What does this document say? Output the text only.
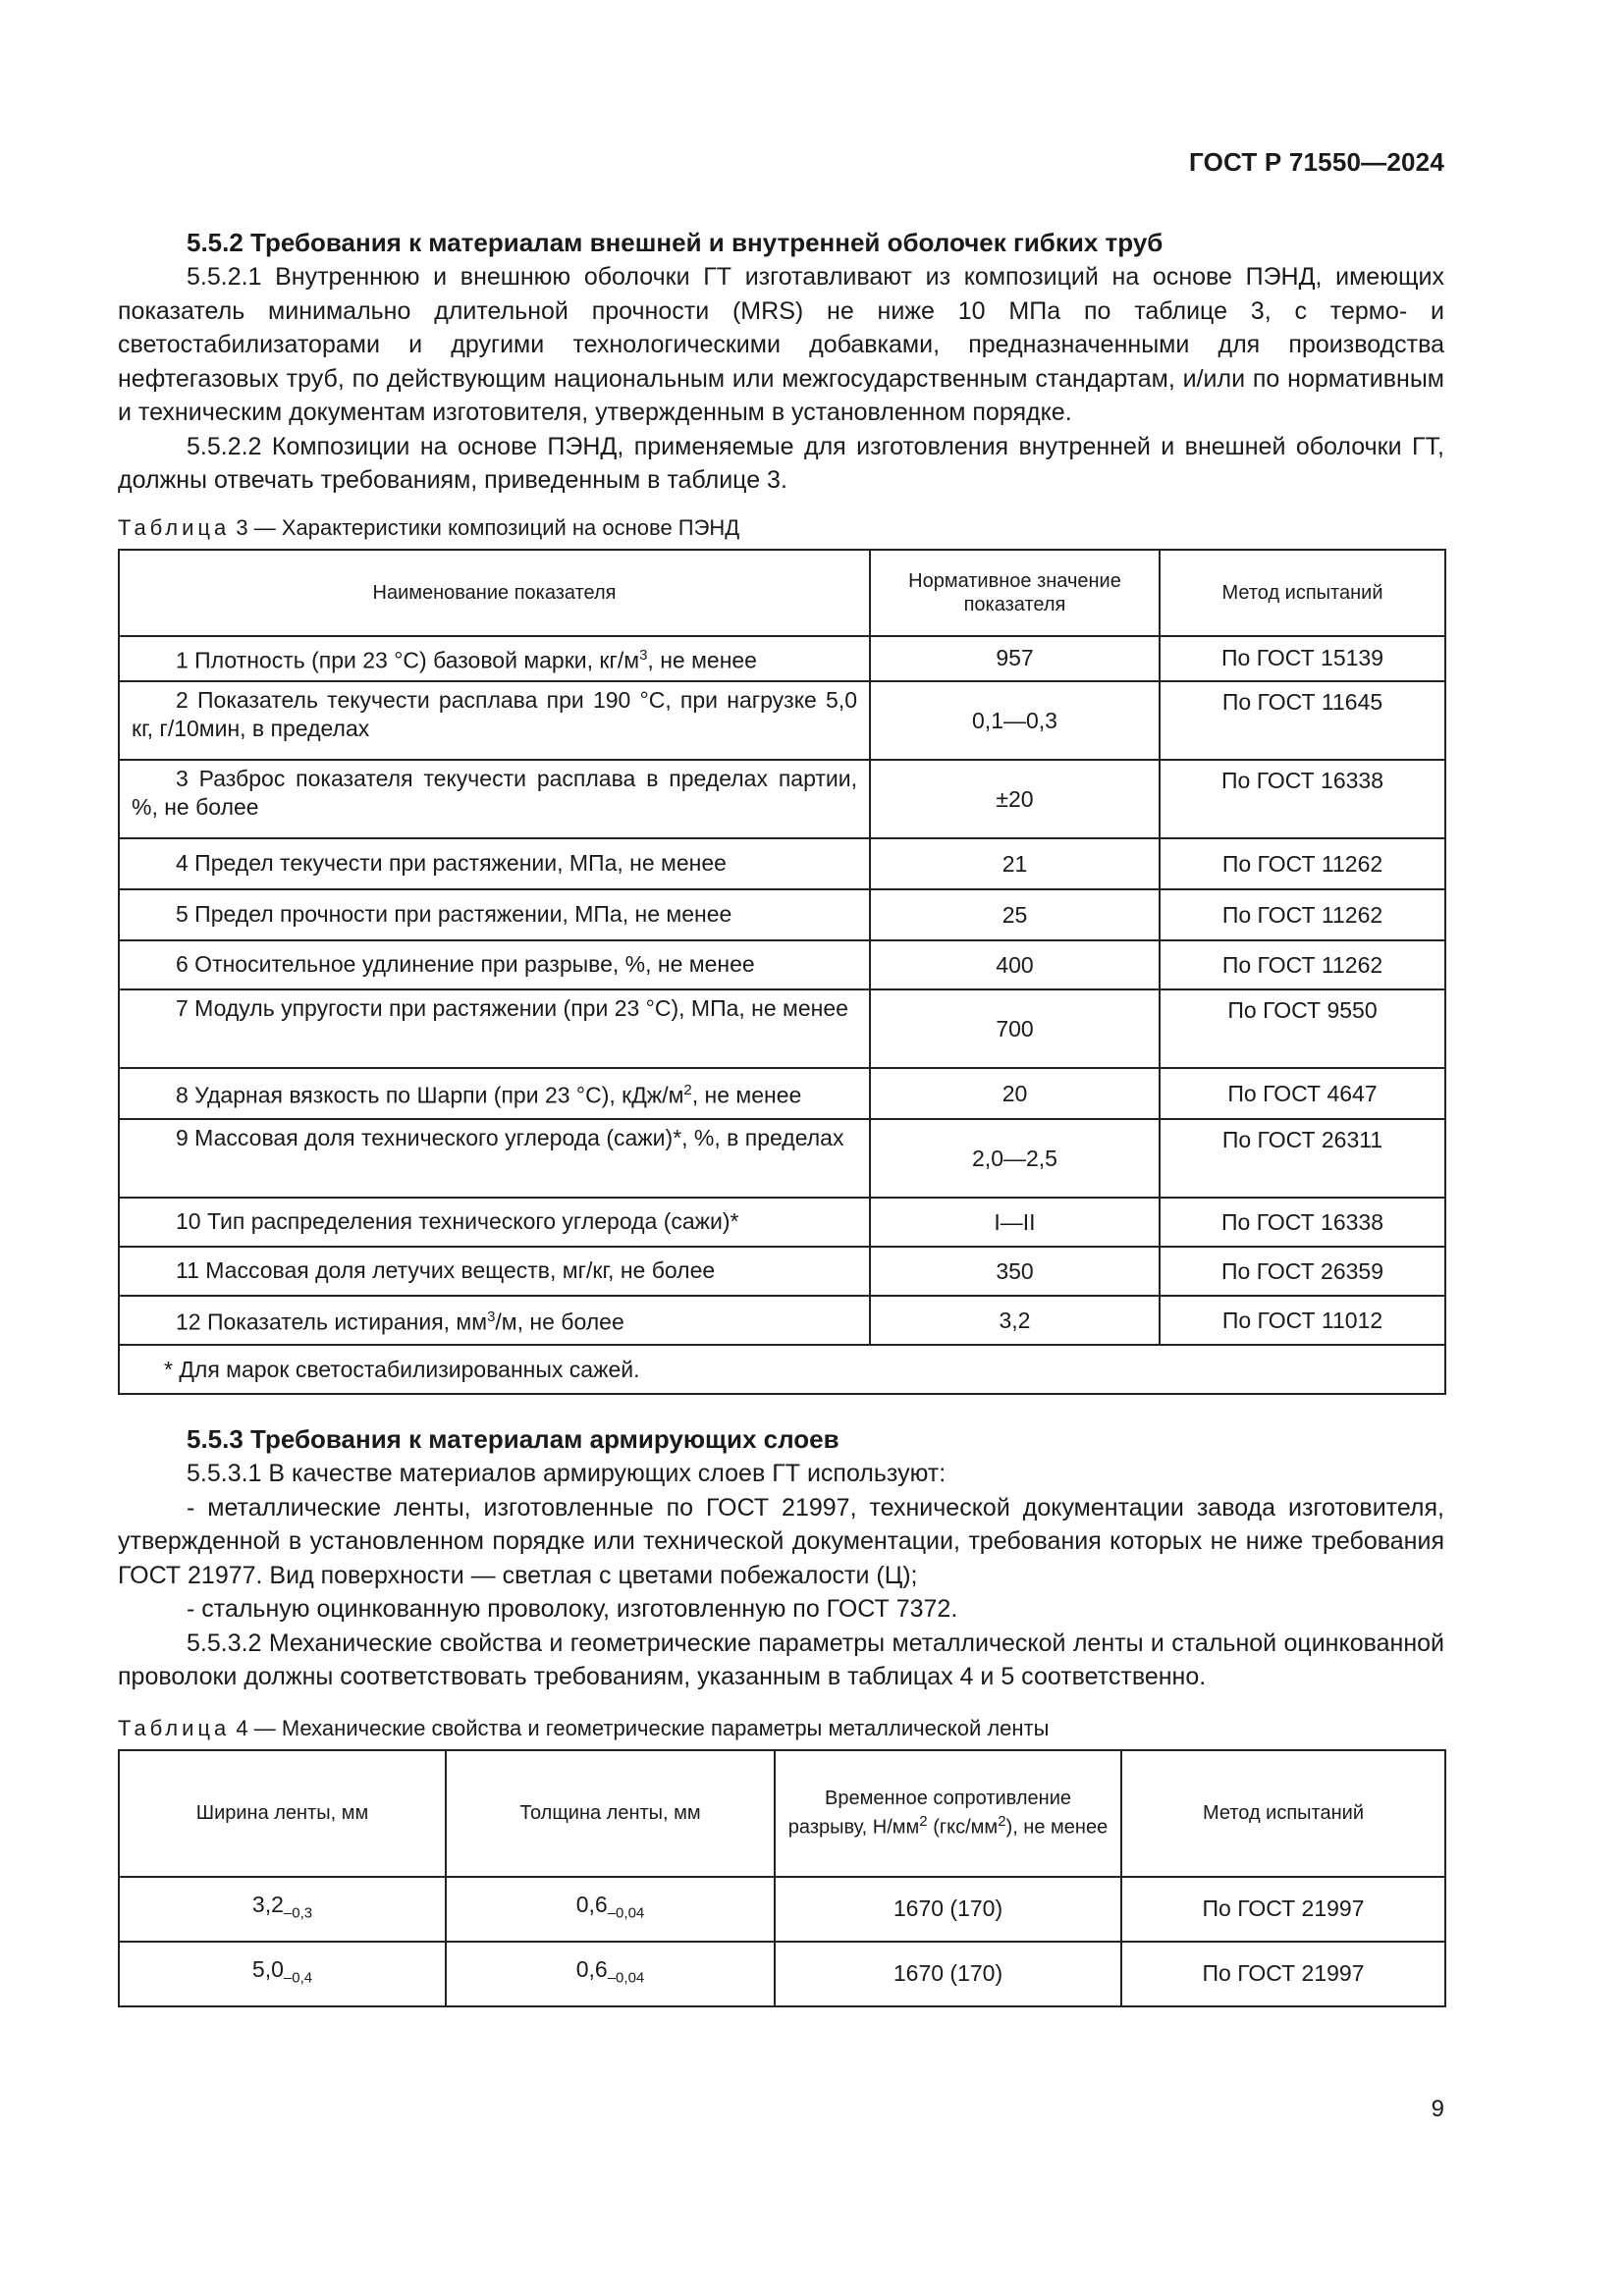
ГОСТ Р 71550—2024

5.5.2 Требования к материалам внешней и внутренней оболочек гибких труб

5.5.2.1 Внутреннюю и внешнюю оболочки ГТ изготавливают из композиций на основе ПЭНД, имеющих показатель минимально длительной прочности (MRS) не ниже 10 МПа по таблице 3, с термо- и светостабилизаторами и другими технологическими добавками, предназначенными для производства нефтегазовых труб, по действующим национальным или межгосударственным стандартам, и/или по нормативным и техническим документам изготовителя, утвержденным в установленном порядке.

5.5.2.2 Композиции на основе ПЭНД, применяемые для изготовления внутренней и внешней оболочки ГТ, должны отвечать требованиям, приведенным в таблице 3.

Таблица 3 — Характеристики композиций на основе ПЭНД

Наименование показателя	Нормативное значение показателя	Метод испытаний
1 Плотность (при 23 °С) базовой марки, $кг/м^3$, не менее	957	По ГОСТ 15139
2 Показатель текучести расплава при 190 °С, при нагрузке 5,0 кг, г/10мин, в пределах	0,1—0,3	По ГОСТ 11645
3 Разброс показателя текучести расплава в пределах партии, %, не более	±20	По ГОСТ 16338
4 Предел текучести при растяжении, МПа, не менее	21	По ГОСТ 11262
5 Предел прочности при растяжении, МПа, не менее	25	По ГОСТ 11262
6 Относительное удлинение при разрыве, %, не менее	400	По ГОСТ 11262
7 Модуль упругости при растяжении (при 23 °С), МПа, не менее	700	По ГОСТ 9550
8 Ударная вязкость по Шарпи (при 23 °С), кДж/$м^2$, не менее	20	По ГОСТ 4647
9 Массовая доля технического углерода (сажи)*, %, в пределах	2,0—2,5	По ГОСТ 26311
10 Тип распределения технического углерода (сажи)*	I—II	По ГОСТ 16338
11 Массовая доля летучих веществ, мг/кг, не более	350	По ГОСТ 26359
12 Показатель истирания, $мм^3/м$, не более	3,2	По ГОСТ 11012
* Для марок светостабилизированных сажей.		

5.5.3 Требования к материалам армирующих слоев

5.5.3.1 В качестве материалов армирующих слоев ГТ используют:

- металлические ленты, изготовленные по ГОСТ 21997, технической документации завода изготовителя, утвержденной в установленном порядке или технической документации, требования которых не ниже требования ГОСТ 21977. Вид поверхности — светлая с цветами побежалости (Ц);

- стальную оцинкованную проволоку, изготовленную по ГОСТ 7372.

5.5.3.2 Механические свойства и геометрические параметры металлической ленты и стальной оцинкованной проволоки должны соответствовать требованиям, указанным в таблицах 4 и 5 соответственно.

Таблица 4 — Механические свойства и геометрические параметры металлической ленты

Ширина ленты, мм	Толщина ленты, мм	Временное сопротивление разрыву, $Н/мм^2$ $(гкс/мм^2)$, не менее	Метод испытаний
$3,2_{-0,3}$	$0,6_{-0,04}$	1670 (170)	По ГОСТ 21997
$5,0_{-0,4}$	$0,6_{-0,04}$	1670 (170)	По ГОСТ 21997
9
